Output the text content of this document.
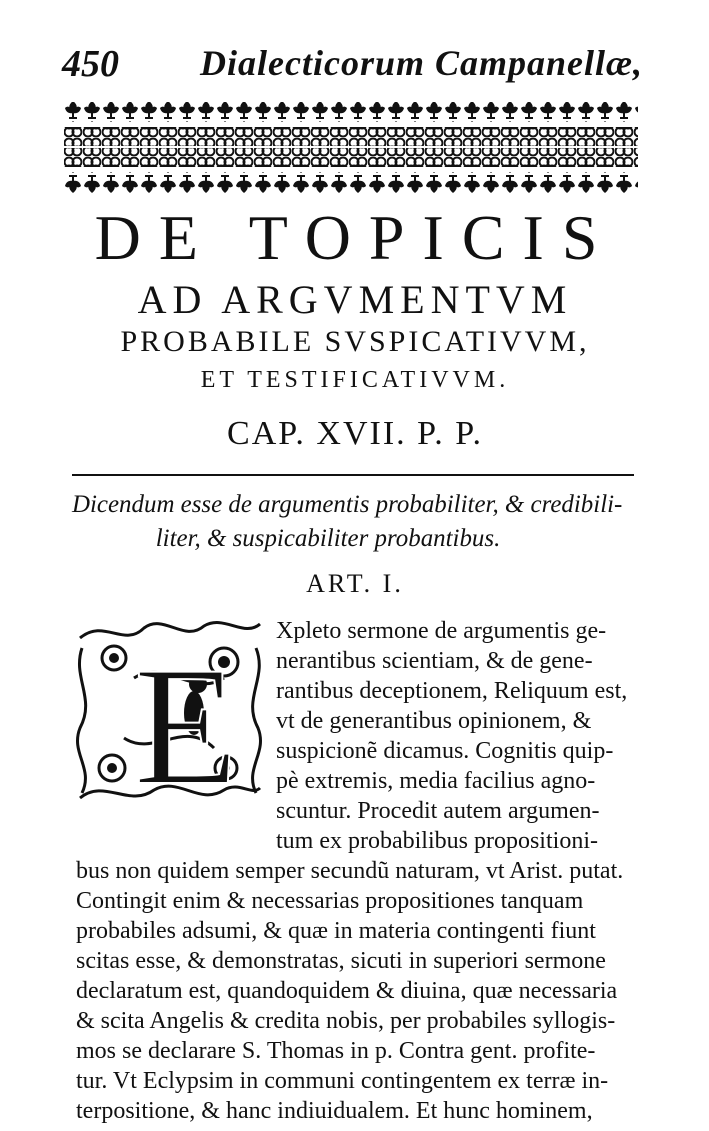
450 Dialecticorum Campanellæ,
DE TOPICIS
AD ARGVMENTVM
PROBABILE SVSPICATIVVM,
ET TESTIFICATIVVM.
CAP. XVII. P. P.
Dicendum esse de argumentis probabiliter, & credibili- liter, & suspicabiliter probantibus.
ART. I.
E
Xpleto sermone de argumentis ge-
nerantibus scientiam, & de gene-
rantibus deceptionem, Reliquum est,
vt de generantibus opinionem, &
suspicionẽ dicamus. Cognitis quip-
pè extremis, media facilius agno-
scuntur. Procedit autem argumen-
tum ex probabilibus propositioni-
bus non quidem semper secundũ naturam, vt Arist. putat.
Contingit enim & necessarias propositiones tanquam
probabiles adsumi, & quæ in materia contingenti fiunt
scitas esse, & demonstratas, sicuti in superiori sermone
declaratum est, quandoquidem & diuina, quæ necessaria
& scita Angelis & credita nobis, per probabiles syllogis-
mos se declarare S. Thomas in p. Contra gent. profite-
tur. Vt Eclypsim in communi contingentem ex terræ in-
terpositione, & hanc indiuidualem. Et hunc hominem,
